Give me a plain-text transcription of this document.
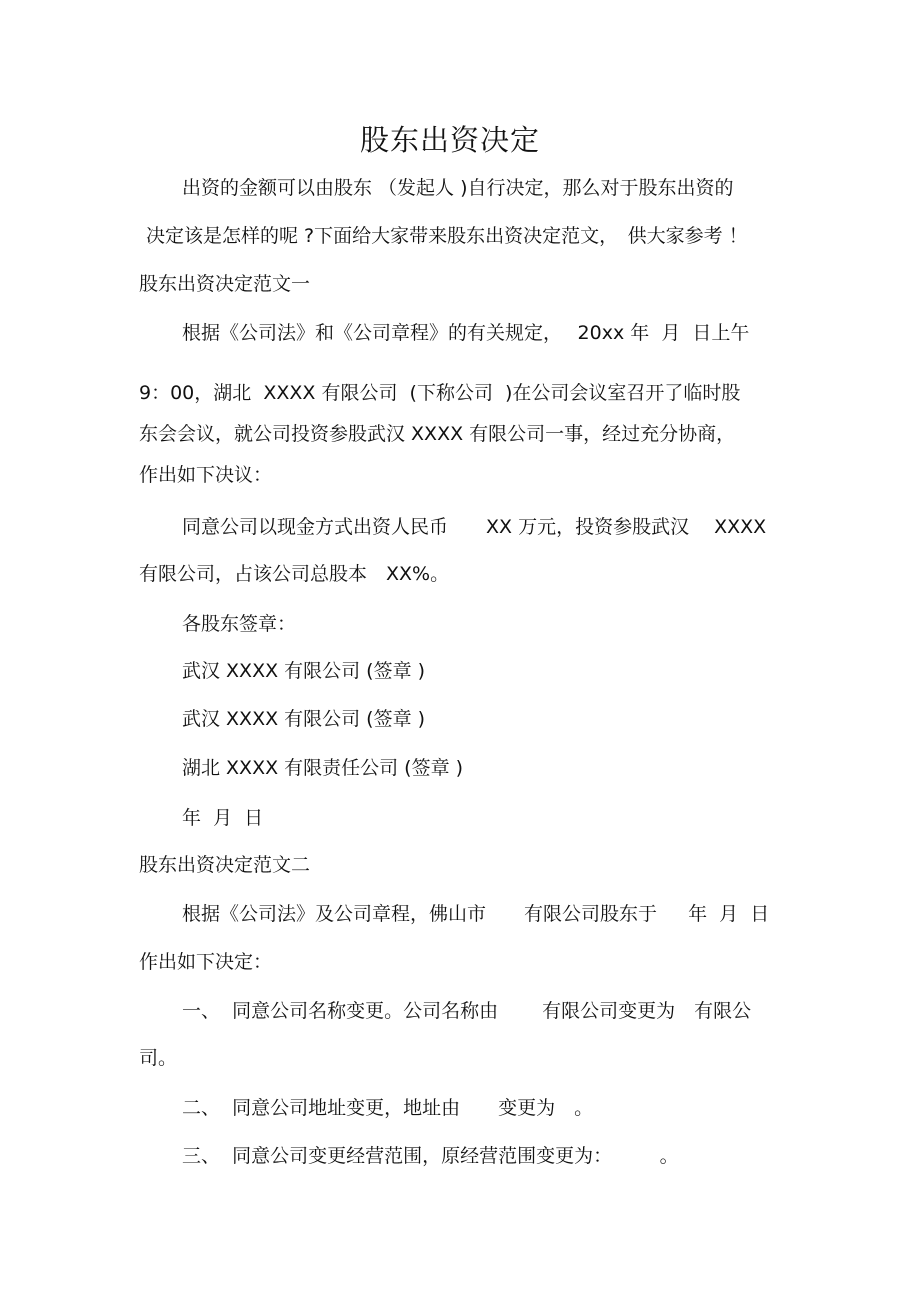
股东出资决定

出资的金额可以由股东 （发起人 )自行决定，那么对于股东出资的

决定该是怎样的呢 ?下面给大家带来股东出资决定范文，　供大家参考 ！

股东出资决定范文一

根据《公司法》和《公司章程》的有关规定，　 20xx 年  月  日上午

9：00，湖北  XXXX 有限公司  (下称公司  )在公司会议室召开了临时股

东会会议，就公司投资参股武汉 XXXX 有限公司一事，经过充分协商，

作出如下决议：

同意公司以现金方式出资人民币　　XX 万元，投资参股武汉　 XXXX

有限公司，占该公司总股本　XX%。

各股东签章：

武汉 XXXX 有限公司 (签章 )

武汉 XXXX 有限公司 (签章 )

湖北 XXXX 有限责任公司 (签章 )

年  月  日

股东出资决定范文二

根据《公司法》及公司章程，佛山市　　有限公司股东于　  年  月  日

作出如下决定：

一、  同意公司名称变更。公司名称由　　 有限公司变更为　有限公

司。

二、  同意公司地址变更，地址由　　变更为　。

三、  同意公司变更经营范围，原经营范围变更为：　　　。
